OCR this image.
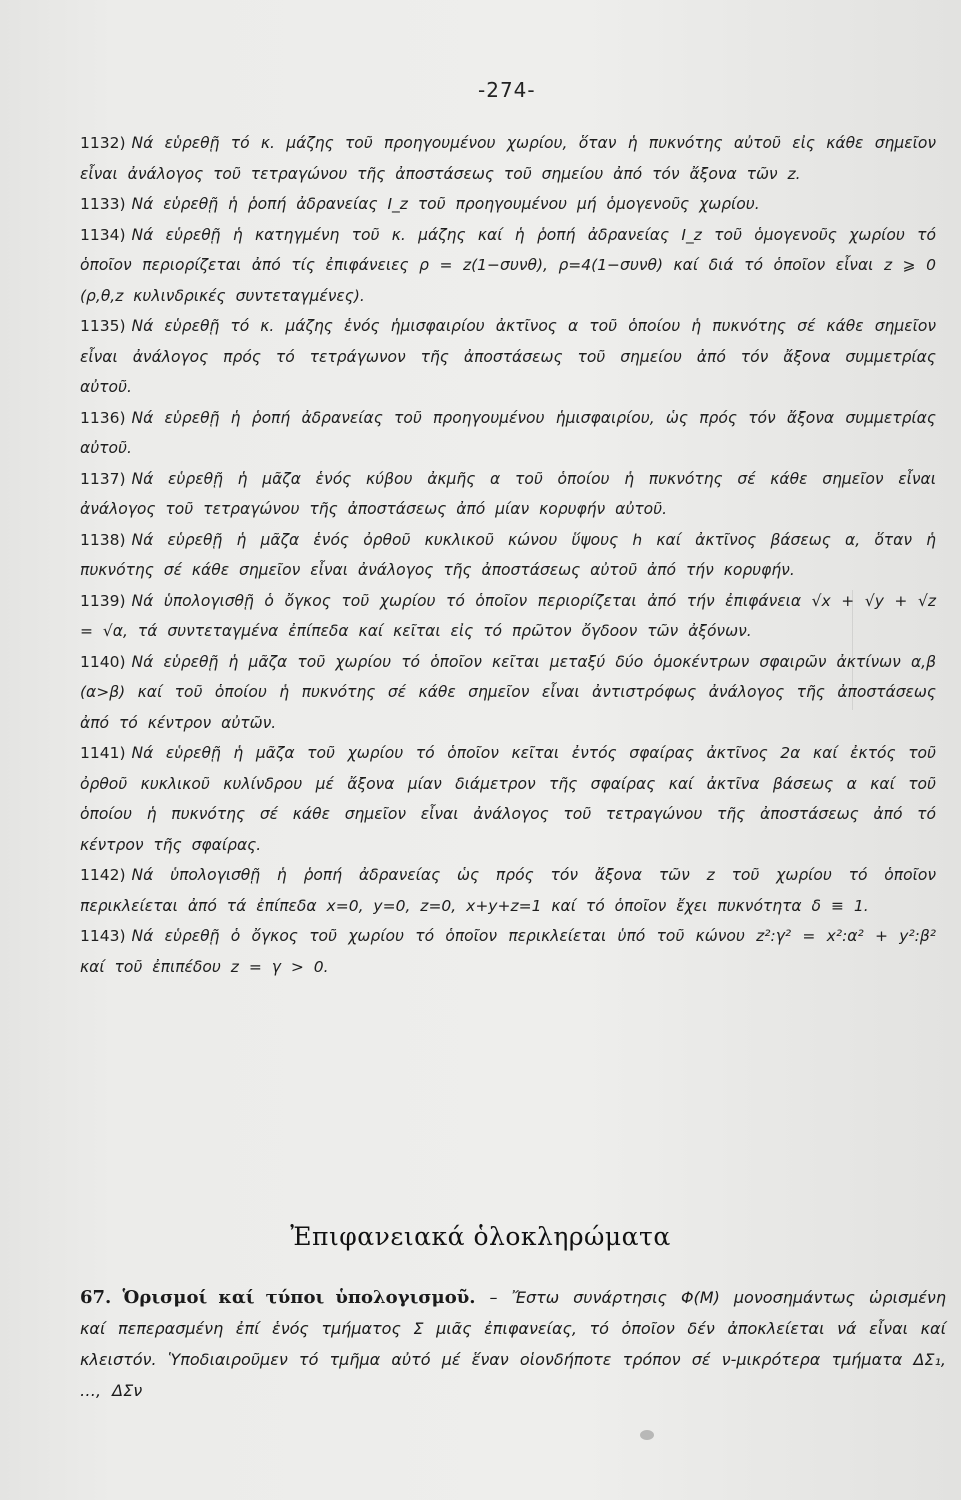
-274-

1132) Νά εὑρεθῇ τό κ. μάζης τοῦ προηγουμένου χωρίου, ὅταν ἡ πυκνότης αὐτοῦ εἰς κάθε σημεῖον εἶναι ἀνάλογος τοῦ τετραγώνου τῆς ἀποστάσεως τοῦ σημείου ἀπό τόν ἄξονα τῶν z.

1133) Νά εὑρεθῇ ἡ ῥοπή ἀδρανείας I_z τοῦ προηγουμένου μή ὁμογενοῦς χωρίου.

1134) Νά εὑρεθῇ ἡ κατηγμένη τοῦ κ. μάζης καί ἡ ῥοπή ἀδρανείας I_z τοῦ ὁμογενοῦς χωρίου τό ὁποῖον περιορίζεται ἀπό τίς ἐπιφάνειες ρ = z(1−συνθ), ρ=4(1−συνθ) καί διά τό ὁποῖον εἶναι z ⩾ 0 (ρ,θ,z κυλινδρικές συντεταγμένες).

1135) Νά εὑρεθῇ τό κ. μάζης ἑνός ἡμισφαιρίου ἀκτῖνος α τοῦ ὁποίου ἡ πυκνότης σέ κάθε σημεῖον εἶναι ἀνάλογος πρός τό τετράγωνον τῆς ἀποστάσεως τοῦ σημείου ἀπό τόν ἄξονα συμμετρίας αὐτοῦ.

1136) Νά εὑρεθῇ ἡ ῥοπή ἀδρανείας τοῦ προηγουμένου ἡμισφαιρίου, ὡς πρός τόν ἄξονα συμμετρίας αὐτοῦ.

1137) Νά εὑρεθῇ ἡ μᾶζα ἑνός κύβου ἀκμῆς α τοῦ ὁποίου ἡ πυκνότης σέ κάθε σημεῖον εἶναι ἀνάλογος τοῦ τετραγώνου τῆς ἀποστάσεως ἀπό μίαν κορυφήν αὐτοῦ.

1138) Νά εὑρεθῇ ἡ μᾶζα ἑνός ὀρθοῦ κυκλικοῦ κώνου ὕψους h καί ἀκτῖνος βάσεως α, ὅταν ἡ πυκνότης σέ κάθε σημεῖον εἶναι ἀνάλογος τῆς ἀποστάσεως αὐτοῦ ἀπό τήν κορυφήν.

1139) Νά ὑπολογισθῇ ὁ ὄγκος τοῦ χωρίου τό ὁποῖον περιορίζεται ἀπό τήν ἐπιφάνεια √x + √y + √z = √α, τά συντεταγμένα ἐπίπεδα καί κεῖται εἰς τό πρῶτον ὄγδοον τῶν ἀξόνων.

1140) Νά εὑρεθῇ ἡ μᾶζα τοῦ χωρίου τό ὁποῖον κεῖται μεταξύ δύο ὁμοκέντρων σφαιρῶν ἀκτίνων α,β (α>β) καί τοῦ ὁποίου ἡ πυκνότης σέ κάθε σημεῖον εἶναι ἀντιστρόφως ἀνάλογος τῆς ἀποστάσεως ἀπό τό κέντρον αὐτῶν.

1141) Νά εὑρεθῇ ἡ μᾶζα τοῦ χωρίου τό ὁποῖον κεῖται ἐντός σφαίρας ἀκτῖνος 2α καί ἐκτός τοῦ ὀρθοῦ κυκλικοῦ κυλίνδρου μέ ἄξονα μίαν διάμετρον τῆς σφαίρας καί ἀκτῖνα βάσεως α καί τοῦ ὁποίου ἡ πυκνότης σέ κάθε σημεῖον εἶναι ἀνάλογος τοῦ τετραγώνου τῆς ἀποστάσεως ἀπό τό κέντρον τῆς σφαίρας.

1142) Νά ὑπολογισθῇ ἡ ῥοπή ἀδρανείας ὡς πρός τόν ἄξονα τῶν z τοῦ χωρίου τό ὁποῖον περικλείεται ἀπό τά ἐπίπεδα x=0, y=0, z=0, x+y+z=1 καί τό ὁποῖον ἔχει πυκνότητα δ ≡ 1.

1143) Νά εὑρεθῇ ὁ ὄγκος τοῦ χωρίου τό ὁποῖον περικλείεται ὑπό τοῦ κώνου z²:γ² = x²:α² + y²:β² καί τοῦ ἐπιπέδου z = γ > 0.

Ἐπιφανειακά ὁλοκληρώματα
67. Ὁρισμοί καί τύποι ὑπολογισμοῦ. – Ἔστω συνάρτησις Φ(M) μονοσημάντως ὡρισμένη καί πεπερασμένη ἐπί ἑνός τμήματος Σ μιᾶς ἐπιφανείας, τό ὁποῖον δέν ἀποκλείεται νά εἶναι καί κλειστόν. Ὑποδιαιροῦμεν τό τμῆμα αὐτό μέ ἕναν οἱονδήποτε τρόπον σέ ν-μικρότερα τμήματα ΔΣ₁, …, ΔΣν
